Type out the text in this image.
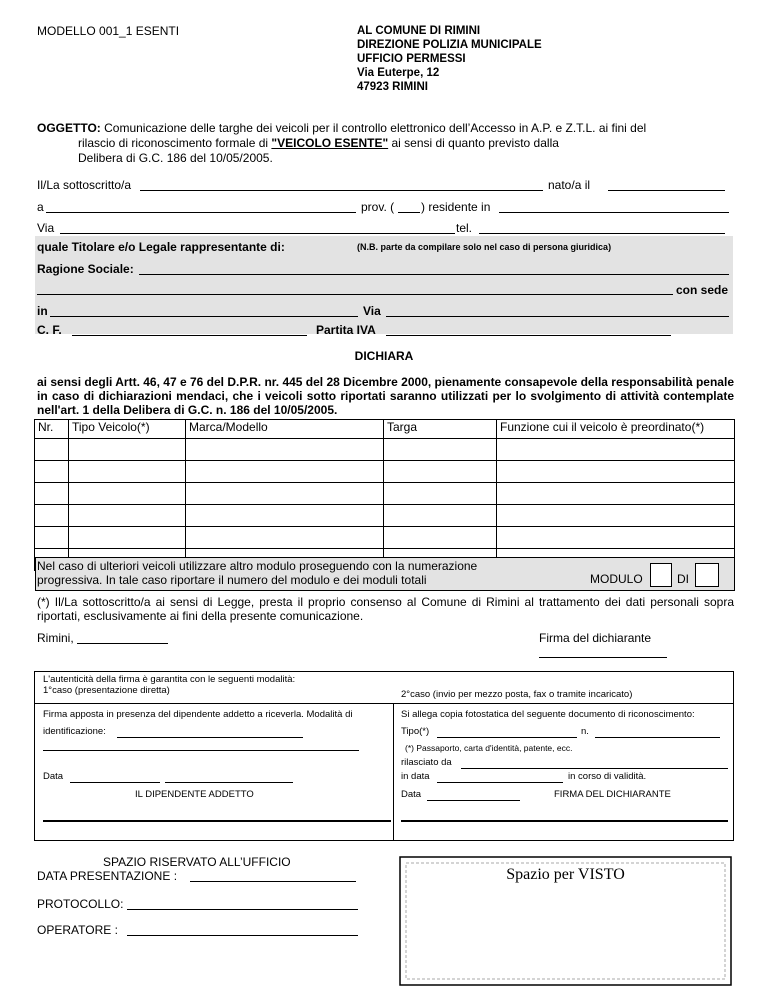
MODELLO 001_1 ESENTI	AL COMUNE DI RIMINI
DIREZIONE POLIZIA MUNICIPALE
UFFICIO PERMESSI
Via Euterpe, 12
47923 RIMINI
OGGETTO: Comunicazione delle targhe dei veicoli per il controllo elettronico dell’Accesso in A.P. e Z.T.L. ai fini del
rilascio di riconoscimento formale di "VEICOLO ESENTE" ai sensi di quanto previsto dalla
Delibera di G.C. 186 del 10/05/2005.
Il/La sottoscritto/a	nato/a il
a	prov. ( ) residente in
Via	tel.
quale Titolare e/o Legale rappresentante di:	(N.B. parte da compilare solo nel caso di persona giuridica)
Ragione Sociale:
con sede
in	Via
C. F.	Partita IVA
DICHIARA
ai sensi degli Artt. 46, 47 e 76 del D.P.R. nr. 445 del 28 Dicembre 2000, pienamente consapevole della responsabilità penale in caso di dichiarazioni mendaci, che i veicoli sotto riportati saranno utilizzati per lo svolgimento di attività contemplate nell'art. 1 della Delibera di G.C. n. 186 del 10/05/2005.
Nr.	Tipo Veicolo(*)	Marca/Modello	Targa	Funzione cui il veicolo è preordinato(*)

Nel caso di ulteriori veicoli utilizzare altro modulo proseguendo con la numerazione
progressiva. In tale caso riportare il numero del modulo e dei moduli totali	MODULO	DI
(*) Il/La sottoscritto/a ai sensi di Legge, presta il proprio consenso al Comune di Rimini al trattamento dei dati personali sopra riportati, esclusivamente ai fini della presente comunicazione.
Rimini,	Firma del dichiarante
L'autenticità della firma è garantita con le seguenti modalità:
1°caso (presentazione diretta)	2°caso (invio per mezzo posta, fax o tramite incaricato)
Firma apposta in presenza del dipendente addetto a riceverla. Modalità di
identificazione:
Data
IL DIPENDENTE ADDETTO
Si allega copia fotostatica del seguente documento di riconoscimento:
Tipo(*)	n.
(*) Passaporto, carta d'identità, patente, ecc.
rilasciato da
in data	in corso di validità.
Data	FIRMA DEL DICHIARANTE
SPAZIO RISERVATO ALL’UFFICIO
DATA PRESENTAZIONE :
PROTOCOLLO:
OPERATORE :
Spazio per VISTO
